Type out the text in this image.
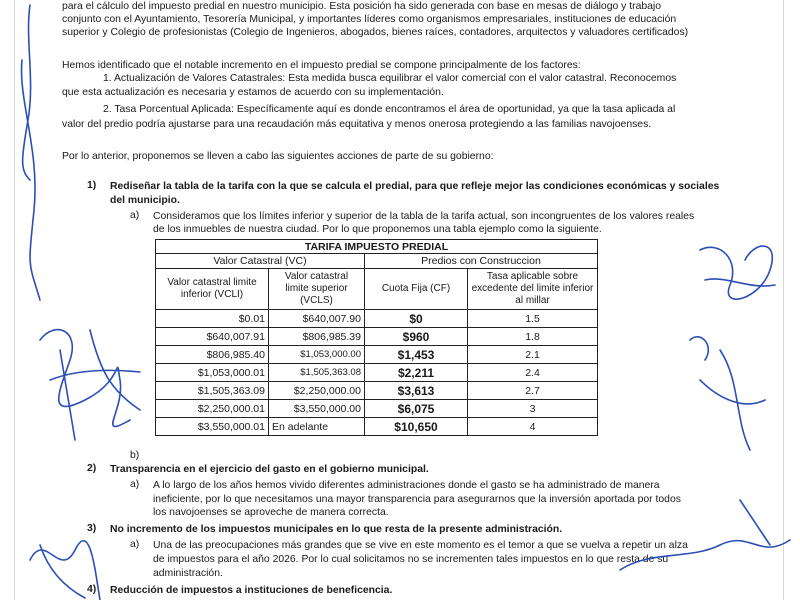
para el cálculo del impuesto predial en nuestro municipio. Esta posición ha sido generada con base en mesas de diálogo y trabajo
conjunto con el Ayuntamiento, Tesorería Municipal, y importantes líderes como organismos empresariales, instituciones de educación
superior y Colegio de profesionistas (Colegio de Ingenieros, abogados, bienes raíces, contadores, arquitectos y valuadores certificados)
Hemos identificado que el notable incremento en el impuesto predial se compone principalmente de los factores:
1. Actualización de Valores Catastrales: Esta medida busca equilibrar el valor comercial con el valor catastral. Reconocemos
que esta actualización es necesaria y estamos de acuerdo con su implementación.
2. Tasa Porcentual Aplicada: Específicamente aquí es donde encontramos el área de oportunidad, ya que la tasa aplicada al
valor del predio podría ajustarse para una recaudación más equitativa y menos onerosa protegiendo a las familias navojoenses.
Por lo anterior, proponemos se lleven a cabo las siguientes acciones de parte de su gobierno:
1) Rediseñar la tabla de la tarifa con la que se calcula el predial, para que refleje mejor las condiciones económicas y sociales
del municipio.
a) Consideramos que los límites inferior y superior de la tabla de la tarifa actual, son incongruentes de los valores reales
de los inmuebles de nuestra ciudad. Por lo que proponemos una tabla ejemplo como la siguiente.
TARIFA IMPUESTO PREDIAL			
Valor Catastral (VC)		Predios con Construccion	
Valor catastral limite inferior (VCLI)	Valor catastral limite superior (VCLS)	Cuota Fija (CF)	Tasa aplicable sobre excedente del limite inferior al millar
$0.01	$640,007.90	$0	1.5
$640,007.91	$806,985.39	$960	1.8
$806,985.40	$1,053,000.00	$1,453	2.1
$1,053,000.01	$1,505,363.08	$2,211	2.4
$1,505,363.09	$2,250,000.00	$3,613	2.7
$2,250,000.01	$3,550,000.00	$6,075	3
$3,550,000.01	En adelante	$10,650	4
b)
2) Transparencia en el ejercicio del gasto en el gobierno municipal.
a) A lo largo de los años hemos vivido diferentes administraciones donde el gasto se ha administrado de manera
ineficiente, por lo que necesitamos una mayor transparencia para asegurarnos que la inversión aportada por todos
los navojoenses se aproveche de manera correcta.
3) No incremento de los impuestos municipales en lo que resta de la presente administración.
a) Una de las preocupaciones más grandes que se vive en este momento es el temor a que se vuelva a repetir un alza
de impuestos para el año 2026. Por lo cual solicitamos no se incrementen tales impuestos en lo que resta de su
administración.
4) Reducción de impuestos a instituciones de beneficencia.
